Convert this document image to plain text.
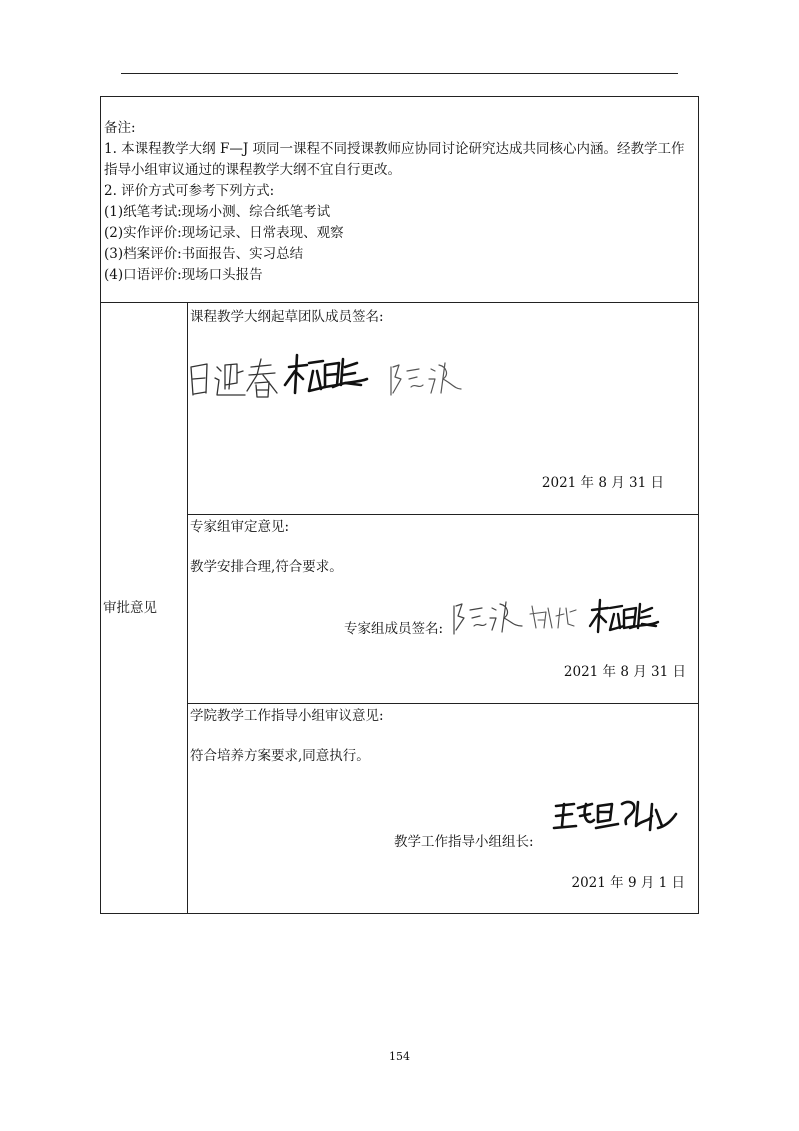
备注:
1. 本课程教学大纲 F—J 项同一课程不同授课教师应协同讨论研究达成共同核心内涵。经教学工作
指导小组审议通过的课程教学大纲不宜自行更改。
2. 评价方式可参考下列方式:
(1)纸笔考试:现场小测、综合纸笔考试
(2)实作评价:现场记录、日常表现、观察
(3)档案评价:书面报告、实习总结
(4)口语评价:现场口头报告
审批意见
课程教学大纲起草团队成员签名:
2021 年 8 月 31 日
专家组审定意见:
教学安排合理,符合要求。
专家组成员签名:
2021 年 8 月 31 日
学院教学工作指导小组审议意见:
符合培养方案要求,同意执行。
教学工作指导小组组长:
2021 年 9 月 1 日
154
